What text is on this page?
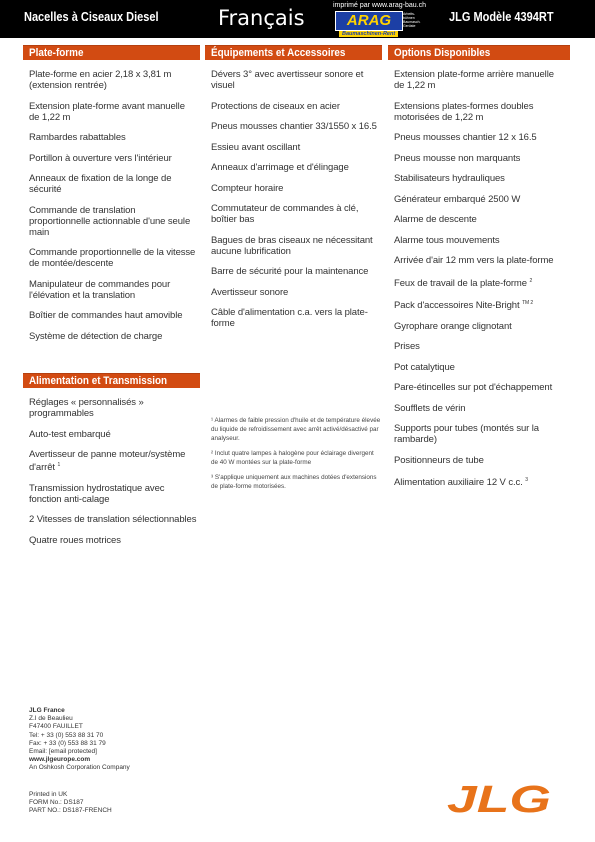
Nacelles à Ciseaux Diesel	Français
imprimé par www.arag-bau.ch
ARAG	Arbeits-
bühnen
Baumasch.
Gerüste
Baumaschinen-Rent
JLG Modèle 4394RT
Plate-forme
Plate-forme en acier 2,18 x 3,81 m (extension rentrée)
Extension plate-forme avant manuelle de 1,22 m
Rambardes rabattables
Portillon à ouverture vers l'intérieur
Anneaux de fixation de la longe de sécurité
Commande de translation proportionnelle actionnable d'une seule main
Commande proportionnelle de la vitesse de montée/descente
Manipulateur de commandes pour l'élévation et la translation
Boîtier de commandes haut amovible
Système de détection de charge
Alimentation et Transmission
Réglages « personnalisés » programmables
Auto-test embarqué
Avertisseur de panne moteur/système d'arrêt $^1$
Transmission hydrostatique avec fonction anti-calage
2 Vitesses de translation sélectionnables
Quatre roues motrices
Équipements et Accessoires
Dévers 3° avec avertisseur sonore et visuel
Protections de ciseaux en acier
Pneus mousses chantier 33/1550 x 16.5
Essieu avant oscillant
Anneaux d'arrimage et d'élingage
Compteur horaire
Commutateur de commandes à clé, boîtier bas
Bagues de bras ciseaux ne nécessitant aucune lubrification
Barre de sécurité pour la maintenance
Avertisseur sonore
Câble d'alimentation c.a. vers la plate-forme

¹ Alarmes de faible pression d'huile et de température élevée du liquide de refroidissement avec arrêt activé/désactivé par analyseur.

² Inclut quatre lampes à halogène pour éclairage divergent de 40 W montées sur la plate-forme

³ S'applique uniquement aux machines dotées d'extensions de plate-forme motorisées.

Options Disponibles
Extension plate-forme arrière manuelle de 1,22 m
Extensions plates-formes doubles motorisées de 1,22 m
Pneus mousses chantier 12 x 16.5
Pneus mousse non marquants
Stabilisateurs hydrauliques
Générateur embarqué 2500 W
Alarme de descente
Alarme tous mouvements
Arrivée d'air 12 mm vers la plate-forme
Feux de travail de la plate-forme $^2$
Pack d'accessoires Nite-Bright $^{TM 2}$
Gyrophare orange clignotant
Prises
Pot catalytique
Pare-étincelles sur pot d'échappement
Soufflets de vérin
Supports pour tubes (montés sur la rambarde)
Positionneurs de tube
Alimentation auxiliaire 12 V c.c. $^3$
JLG France
Z.I de Beaulieu
F47400 FAUILLET
Tel: + 33 (0) 553 88 31 70
Fax: + 33 (0) 553 88 31 79
Email: [email protected]
www.jlgeurope.com
An Oshkosh Corporation Company
Printed in UK
FORM No.: DS187
PART NO.: DS187-FRENCH	JLG
